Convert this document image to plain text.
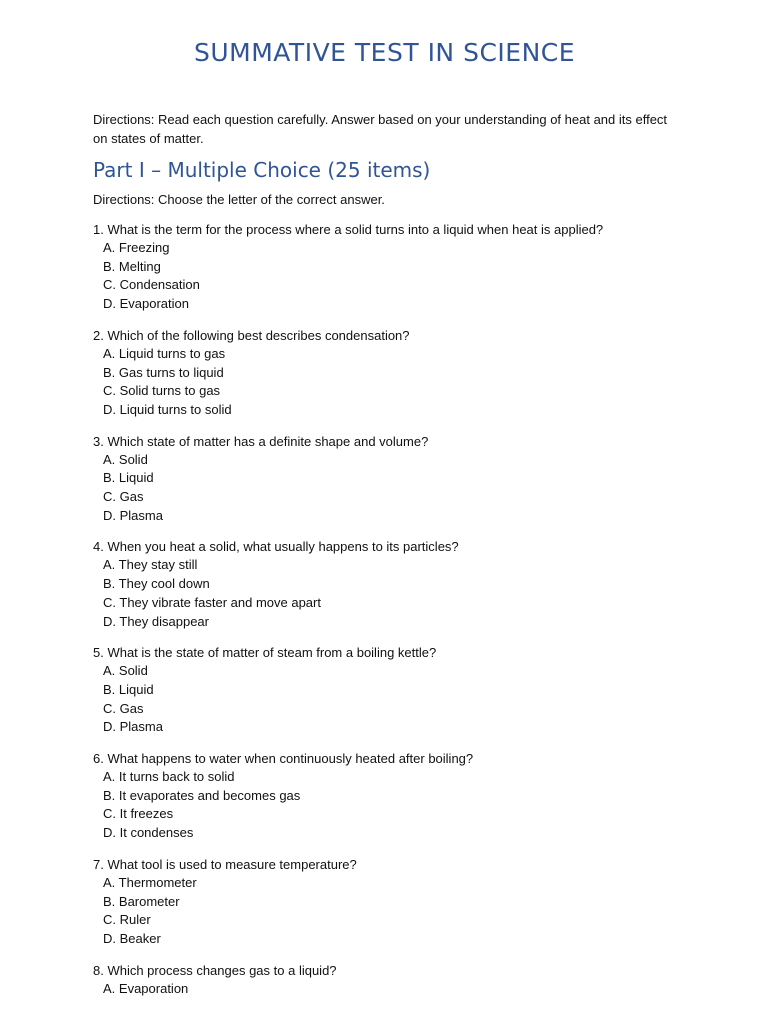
SUMMATIVE TEST IN SCIENCE

Directions: Read each question carefully. Answer based on your understanding of heat and its effect on states of matter.

Part I – Multiple Choice (25 items)

Directions: Choose the letter of the correct answer.

1. What is the term for the process where a solid turns into a liquid when heat is applied?
A. Freezing
B. Melting
C. Condensation
D. Evaporation
2. Which of the following best describes condensation?
A. Liquid turns to gas
B. Gas turns to liquid
C. Solid turns to gas
D. Liquid turns to solid
3. Which state of matter has a definite shape and volume?
A. Solid
B. Liquid
C. Gas
D. Plasma
4. When you heat a solid, what usually happens to its particles?
A. They stay still
B. They cool down
C. They vibrate faster and move apart
D. They disappear
5. What is the state of matter of steam from a boiling kettle?
A. Solid
B. Liquid
C. Gas
D. Plasma
6. What happens to water when continuously heated after boiling?
A. It turns back to solid
B. It evaporates and becomes gas
C. It freezes
D. It condenses
7. What tool is used to measure temperature?
A. Thermometer
B. Barometer
C. Ruler
D. Beaker
8. Which process changes gas to a liquid?
A. Evaporation
